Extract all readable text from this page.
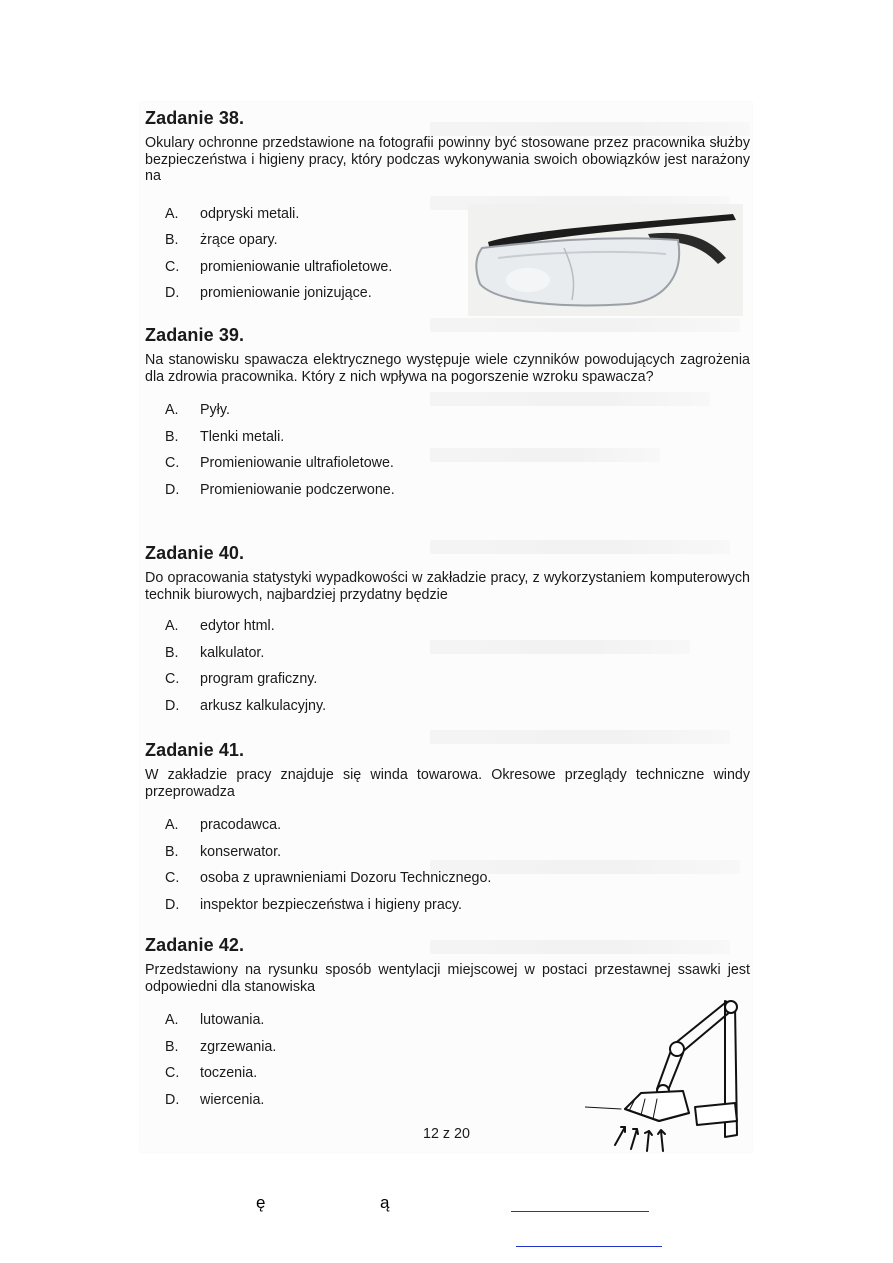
Zadanie 38.

Okulary ochronne przedstawione na fotografii powinny być stosowane przez pracownika służby bezpieczeństwa i higieny pracy, który podczas wykonywania swoich obowiązków jest narażony na

A.	odpryski metali.
B.	żrące opary.
C.	promieniowanie ultrafioletowe.
D.	promieniowanie jonizujące.
Zadanie 39.

Na stanowisku spawacza elektrycznego występuje wiele czynników powodujących zagrożenia dla zdrowia pracownika. Który z nich wpływa na pogorszenie wzroku spawacza?

A.	Pyły.
B.	Tlenki metali.
C.	Promieniowanie ultrafioletowe.
D.	Promieniowanie podczerwone.
Zadanie 40.

Do opracowania statystyki wypadkowości w zakładzie pracy, z wykorzystaniem komputerowych technik biurowych, najbardziej przydatny będzie

A.	edytor html.
B.	kalkulator.
C.	program graficzny.
D.	arkusz kalkulacyjny.
Zadanie 41.

W zakładzie pracy znajduje się winda towarowa. Okresowe przeglądy techniczne windy przeprowadza

A.	pracodawca.
B.	konserwator.
C.	osoba z uprawnieniami Dozoru Technicznego.
D.	inspektor bezpieczeństwa i higieny pracy.
Zadanie 42.

Przedstawiony na rysunku sposób wentylacji miejscowej w postaci przestawnej ssawki jest odpowiedni dla stanowiska

A.	lutowania.
B.	zgrzewania.
C.	toczenia.
D.	wiercenia.
12 z 20
ę	ą
